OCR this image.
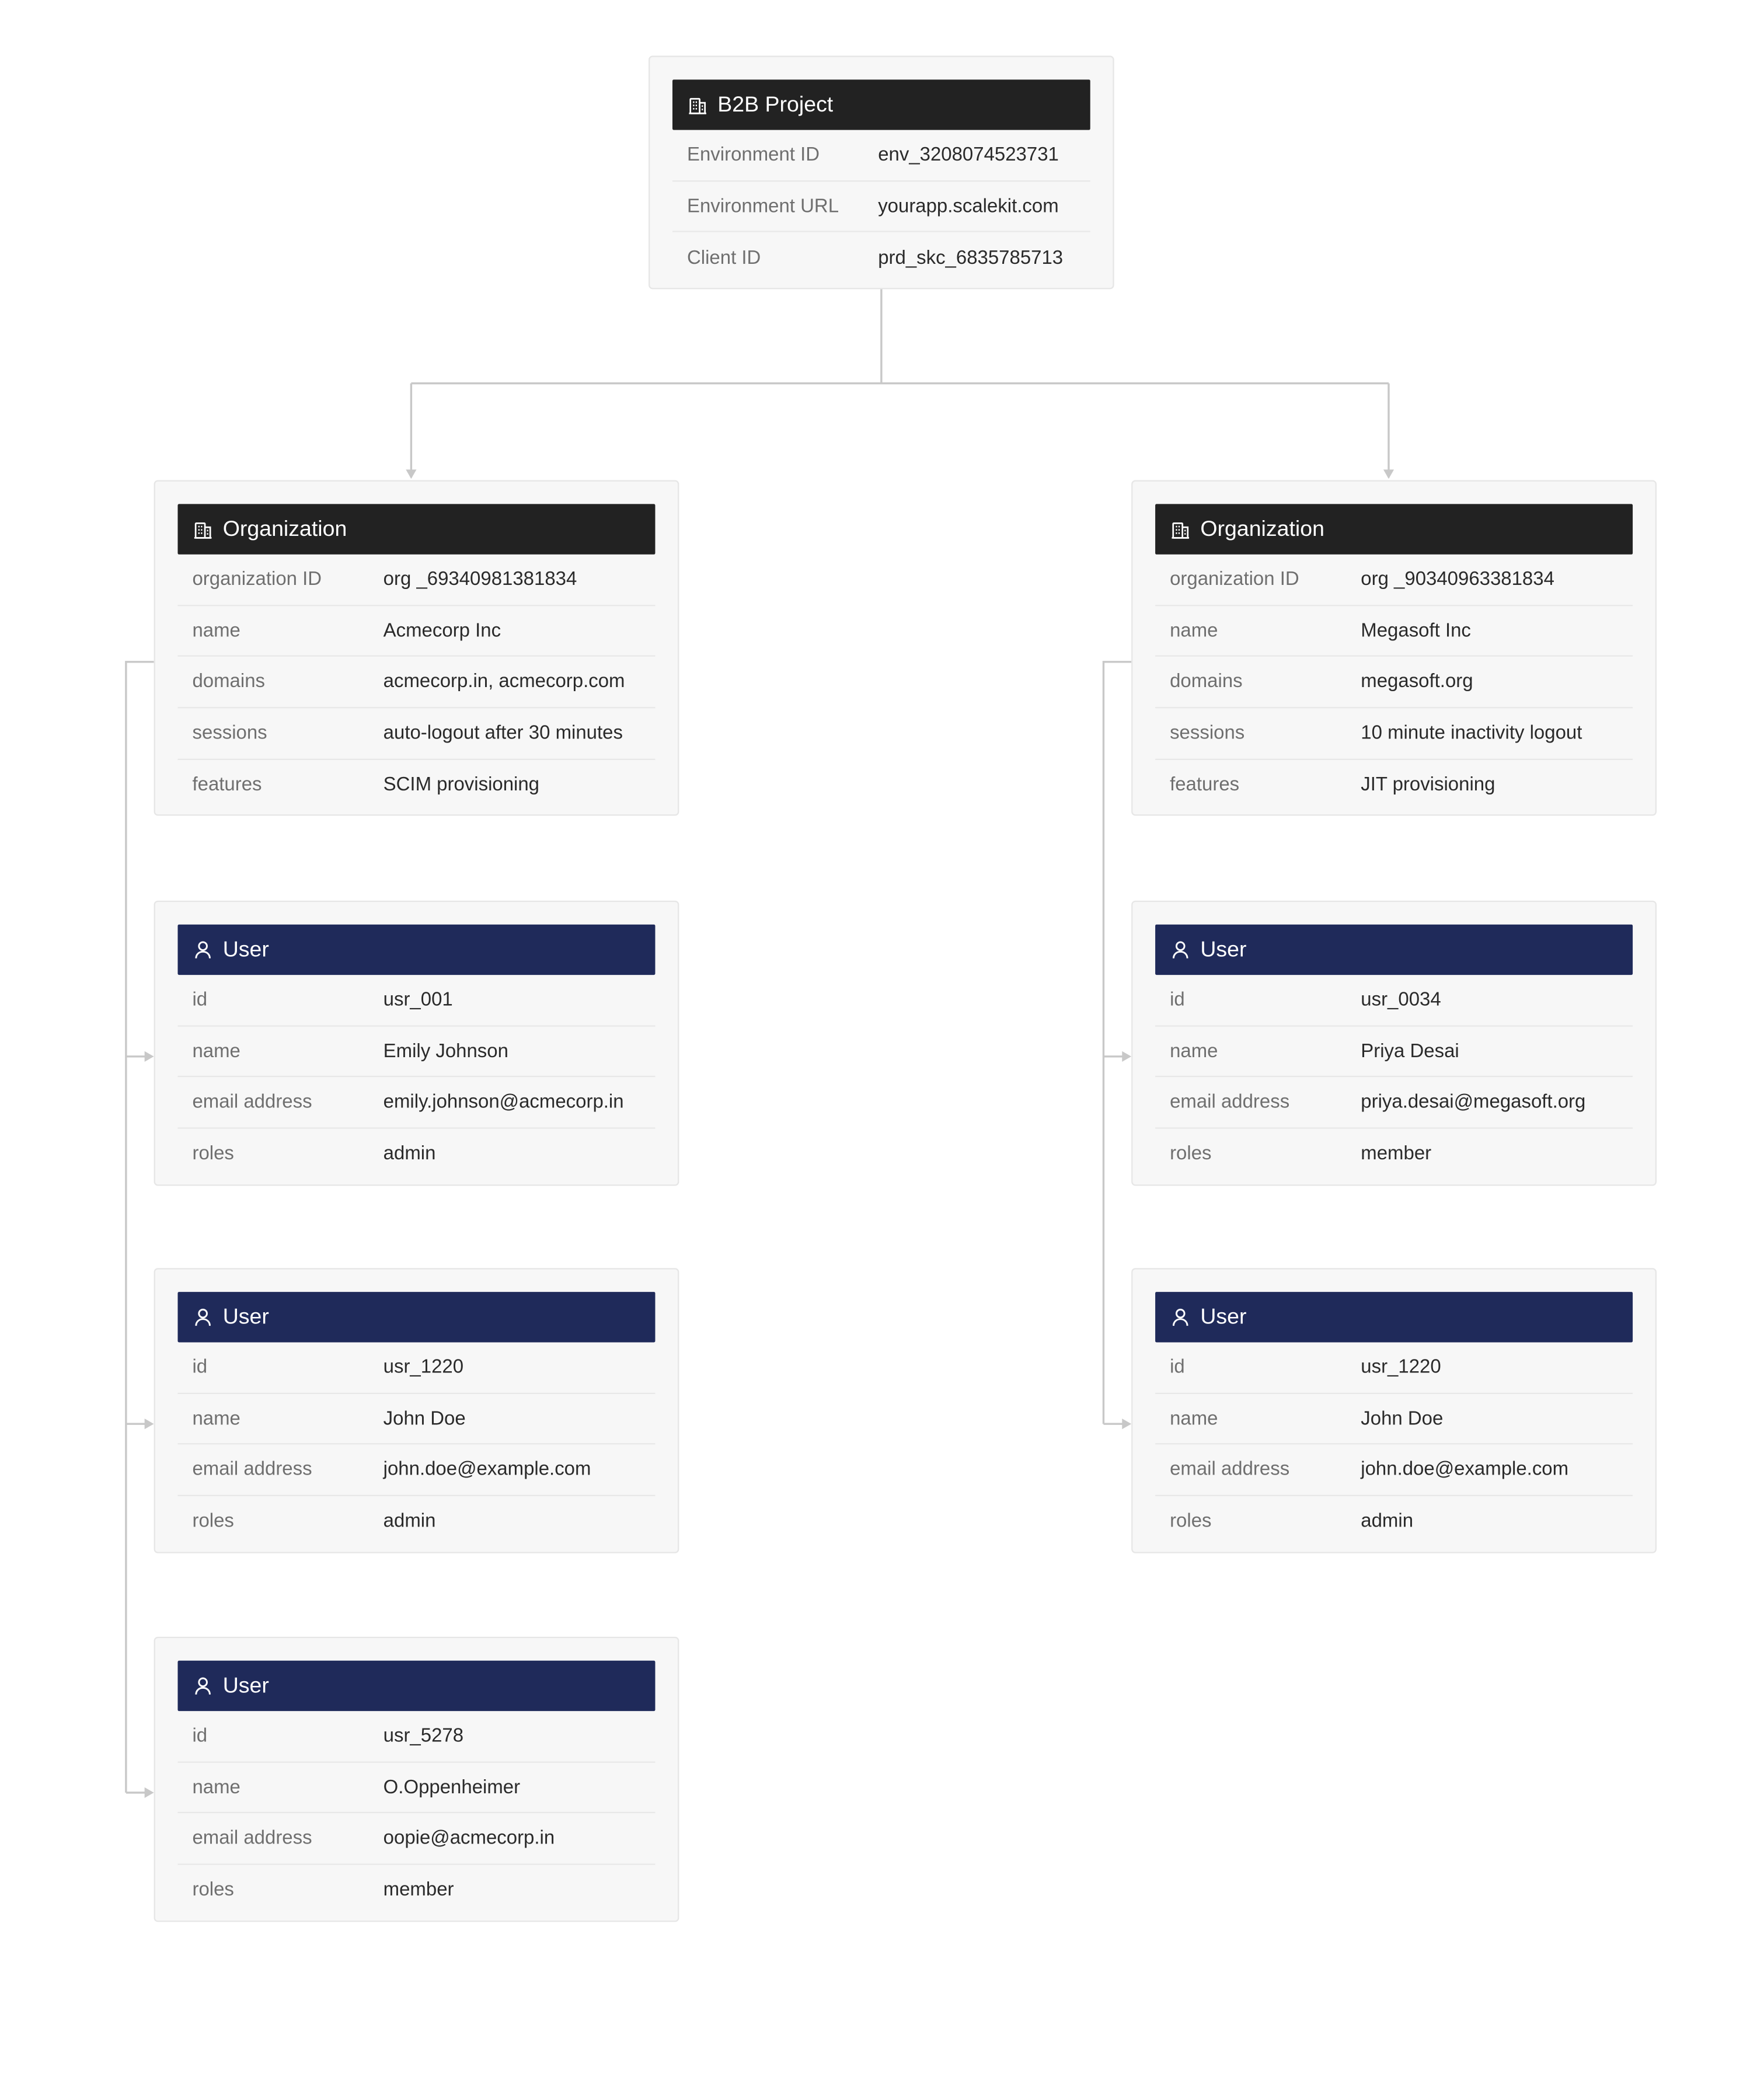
B2B Project
Environment ID	env_3208074523731
Environment URL	yourapp.scalekit.com
Client ID	prd_skc_6835785713
Organization
organization ID	org _69340981381834
name	Acmecorp Inc
domains	acmecorp.in, acmecorp.com
sessions	auto-logout after 30 minutes
features	SCIM provisioning
User
id	usr_001
name	Emily Johnson
email address	emily.johnson@acmecorp.in
roles	admin
User
id	usr_1220
name	John Doe
email address	john.doe@example.com
roles	admin
User
id	usr_5278
name	O.Oppenheimer
email address	oopie@acmecorp.in
roles	member
Organization
organization ID	org _90340963381834
name	Megasoft Inc
domains	megasoft.org
sessions	10 minute inactivity logout
features	JIT provisioning
User
id	usr_0034
name	Priya Desai
email address	priya.desai@megasoft.org
roles	member
User
id	usr_1220
name	John Doe
email address	john.doe@example.com
roles	admin
